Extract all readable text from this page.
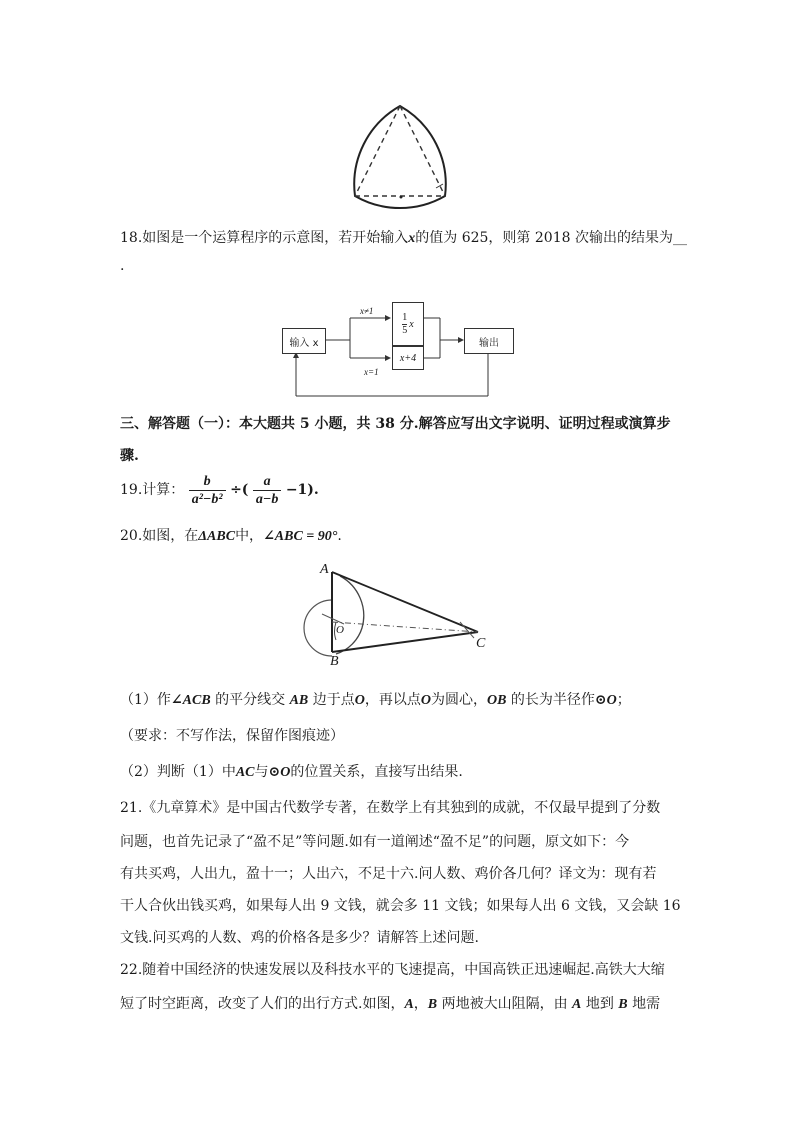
18.如图是一个运算程序的示意图，若开始输入x的值为 625，则第 2018 次输出的结果为__
.
输入 x
x≠1
1
5
x
x=1
x+4
输出
三、解答题（一）：本大题共 5 小题，共 38 分.解答应写出文字说明、证明过程或演算步
骤.
19.计算： $\frac{b}{\text{a²−b²}}$ ÷( $\frac{a}{a-b} -1$).
20.如图，在ΔABC中，∠ABC = 90°.
A
B
C
O
（1）作∠ACB 的平分线交 AB 边于点O，再以点O为圆心，OB 的长为半径作⊙O；
（要求：不写作法，保留作图痕迹）
（2）判断（1）中AC与⊙O的位置关系，直接写出结果.
21.《九章算术》是中国古代数学专著，在数学上有其独到的成就，不仅最早提到了分数
问题，也首先记录了“盈不足”等问题.如有一道阐述“盈不足”的问题，原文如下：今
有共买鸡，人出九，盈十一；人出六，不足十六.问人数、鸡价各几何？译文为：现有若
干人合伙出钱买鸡，如果每人出 9 文钱，就会多 11 文钱；如果每人出 6 文钱，又会缺 16
文钱.问买鸡的人数、鸡的价格各是多少？请解答上述问题.
22.随着中国经济的快速发展以及科技水平的飞速提高，中国高铁正迅速崛起.高铁大大缩
短了时空距离，改变了人们的出行方式.如图，A，B 两地被大山阻隔，由 A 地到 B 地需
